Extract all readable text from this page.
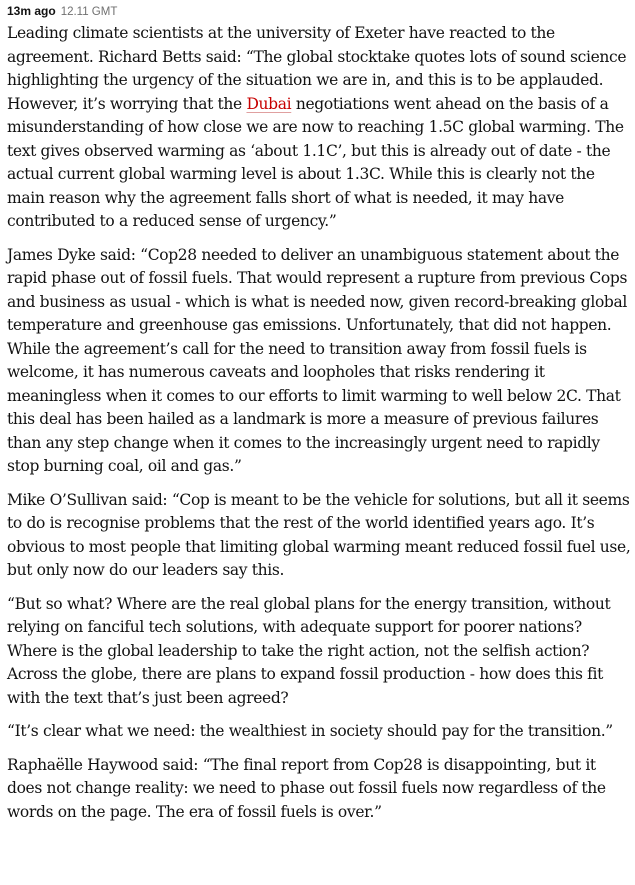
13m ago 12.11 GMT

Leading climate scientists at the university of Exeter have reacted to the agreement. Richard Betts said: “The global stocktake quotes lots of sound science highlighting the urgency of the situation we are in, and this is to be applauded. However, it’s worrying that the Dubai negotiations went ahead on the basis of a misunderstanding of how close we are now to reaching 1.5C global warming. The text gives observed warming as ‘about 1.1C’, but this is already out of date - the actual current global warming level is about 1.3C. While this is clearly not the main reason why the agreement falls short of what is needed, it may have contributed to a reduced sense of urgency.”

James Dyke said: “Cop28 needed to deliver an unambiguous statement about the rapid phase out of fossil fuels. That would represent a rupture from previous Cops and business as usual - which is what is needed now, given record-breaking global temperature and greenhouse gas emissions. Unfortunately, that did not happen. While the agreement’s call for the need to transition away from fossil fuels is welcome, it has numerous caveats and loopholes that risks rendering it meaningless when it comes to our efforts to limit warming to well below 2C. That this deal has been hailed as a landmark is more a measure of previous failures than any step change when it comes to the increasingly urgent need to rapidly stop burning coal, oil and gas.”

Mike O’Sullivan said: “Cop is meant to be the vehicle for solutions, but all it seems to do is recognise problems that the rest of the world identified years ago. It’s obvious to most people that limiting global warming meant reduced fossil fuel use, but only now do our leaders say this.

“But so what? Where are the real global plans for the energy transition, without relying on fanciful tech solutions, with adequate support for poorer nations? Where is the global leadership to take the right action, not the selfish action? Across the globe, there are plans to expand fossil production - how does this fit with the text that’s just been agreed?

“It’s clear what we need: the wealthiest in society should pay for the transition.”

Raphaëlle Haywood said: “The final report from Cop28 is disappointing, but it does not change reality: we need to phase out fossil fuels now regardless of the words on the page. The era of fossil fuels is over.”
